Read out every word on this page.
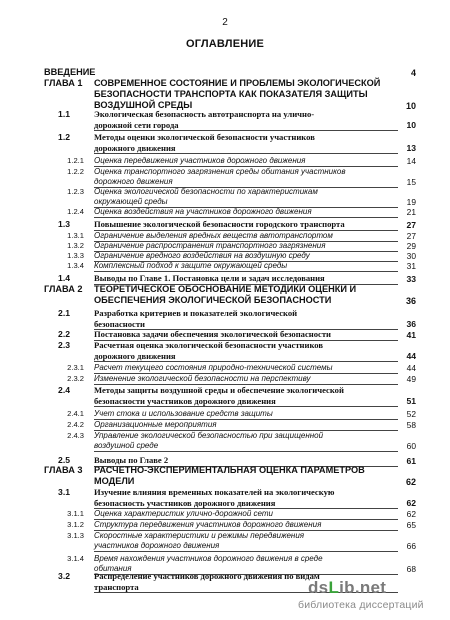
2
ОГЛАВЛЕНИЕ
ВВЕДЕНИЕ	4
ГЛАВА 1 СОВРЕМЕННОЕ СОСТОЯНИЕ И ПРОБЛЕМЫ ЭКОЛОГИЧЕСКОЙ
БЕЗОПАСНОСТИ ТРАНСПОРТА КАК ПОКАЗАТЕЛЯ ЗАЩИТЫ
ВОЗДУШНОЙ СРЕДЫ	10
1.1	Экологическая безопасность автотранспорта на улично-
дорожной сети города	10
1.2	Методы оценки экологической безопасности участников
дорожного движения	13
1.2.1 Оценка передвижения участников дорожного движения	14
1.2.2 Оценка транспортного загрязнения среды обитания участников
дорожного движения	15
1.2.3 Оценка экологической безопасности по характеристикам
окружающей среды	19
1.2.4 Оценка воздействия на участников дорожного движения	21
1.3	Повышение экологической безопасности городского транспорта	27
1.3.1 Ограничение выделения вредных веществ автотранспортом	27
1.3.2 Ограничение распространения транспортного загрязнения	29
1.3.3 Ограничение вредного воздействия на воздушную среду	30
1.3.4 Комплексный подход к защите окружающей среды	31
1.4	Выводы по Главе 1. Постановка цели и задач исследования	33
ГЛАВА 2 ТЕОРЕТИЧЕСКОЕ ОБОСНОВАНИЕ МЕТОДИКИ ОЦЕНКИ И
ОБЕСПЕЧЕНИЯ ЭКОЛОГИЧЕСКОЙ БЕЗОПАСНОСТИ	36
2.1	Разработка критериев и показателей экологической
безопасности	36
2.2	Постановка задачи обеспечения экологической безопасности	41
2.3	Расчетная оценка экологической безопасности участников
дорожного движения	44
2.3.1 Расчет текущего состояния природно-технической системы	44
2.3.2 Изменение экологической безопасности на перспективу	49
2.4	Методы защиты воздушной среды и обеспечение экологической
безопасности участников дорожного движения	51
2.4.1 Учет стока и использование средств защиты	52
2.4.2 Организационные мероприятия	58
2.4.3 Управление экологической безопасностью при защищенной
воздушной среде	60
2.5	Выводы по Главе 2	61
ГЛАВА 3 РАСЧЕТНО-ЭКСПЕРИМЕНТАЛЬНАЯ ОЦЕНКА ПАРАМЕТРОВ
МОДЕЛИ	62
3.1	Изучение влияния временных показателей на экологическую
безопасность участников дорожного движения	62
3.1.1 Оценка характеристик улично-дорожной сети	62
3.1.2 Структура передвижения участников дорожного движения	65
3.1.3 Скоростные характеристики и режимы передвижения
участников дорожного движения	66
3.1.4 Время нахождения участников дорожного движения в среде
обитания	68
3.2	Распределение участников дорожного движения по видам
транспорта	dsLib.net
библиотека диссертаций
